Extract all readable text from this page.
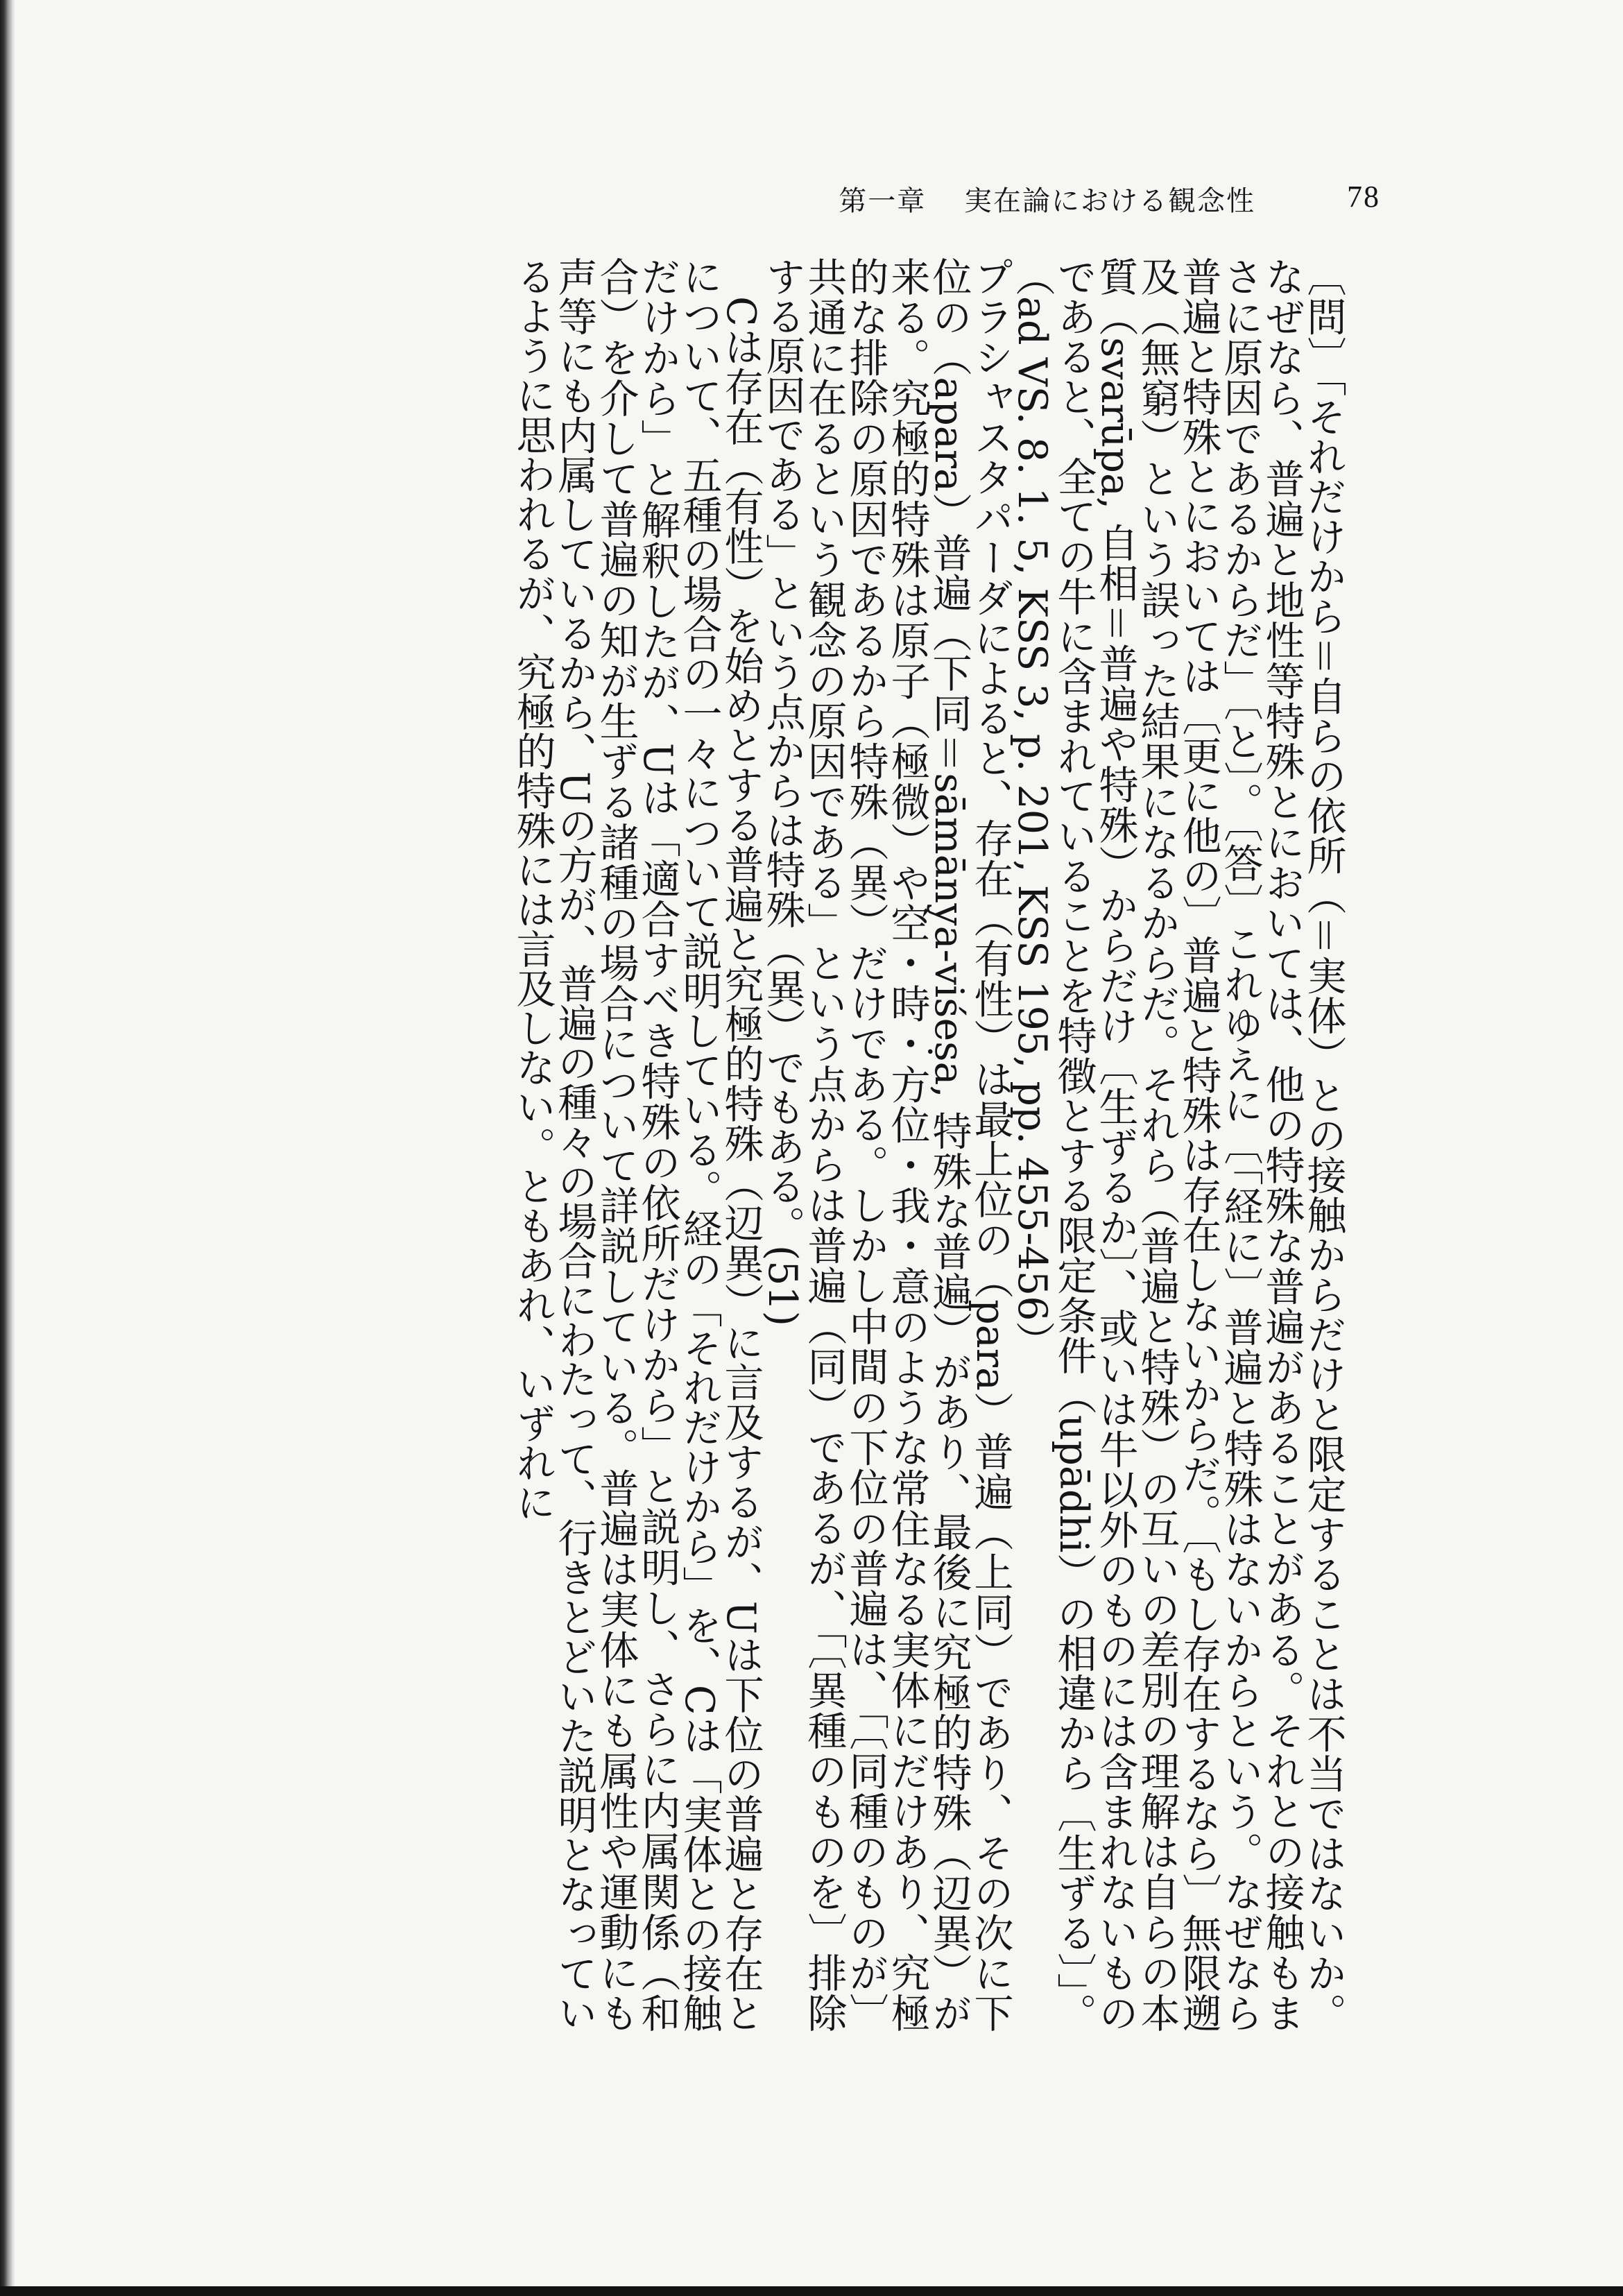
第一章 実在論における観念性	78

〔問〕「それだけから＝自らの依所（＝実体）との接触からだけと限定することは不当ではないか。なぜなら、普遍と地性等特殊とにおいては、他の特殊な普遍があることがある。それとの接触もまさに原因であるからだ」〔と〕。〔答〕これゆえに〔「経に〕普遍と特殊はないからという。なぜなら普遍と特殊とにおいては〔更に他の〕普遍と特殊は存在しないからだ。〔もし存在するなら〕無限遡及（無窮）という誤った結果になるからだ。それら（普遍と特殊）の互いの差別の理解は自らの本質（svarūpa, 自相＝普遍や特殊）からだけ〔生ずるか〕、或いは牛以外のものには含まれないものであると、全ての牛に含まれていることを特徴とする限定条件（upādhi）の相違から〔生ずる〕」。（ad VS. 8. 1. 5, KSS 3, p. 201, KSS 195, pp. 455-456）

プラシャスタパーダによると、存在（有性）は最上位の（para）普遍（上同）であり、その次に下位の（apara）普遍（下同＝sāmānya-viśeṣa, 特殊な普遍）があり、最後に究極的特殊（辺異）が来る。究極的特殊は原子（極微）や空・時・方位・我・意のような常住なる実体にだけあり、究極的な排除の原因であるから特殊（異）だけである。しかし中間の下位の普遍は、「〔同種のものが〕共通に在るという観念の原因である」という点からは普遍（同）であるが、「〔異種のものを〕排除する原因である」という点からは特殊（異）でもある。(51)

Cは存在（有性）を始めとする普遍と究極的特殊（辺異）に言及するが、Uは下位の普遍と存在とについて、五種の場合の一々について説明している。経の「それだけから」を、Cは「実体との接触だけから」と解釈したが、Uは「適合すべき特殊の依所だけから」と説明し、さらに内属関係（和合）を介して普遍の知が生ずる諸種の場合について詳説している。普遍は実体にも属性や運動にも声等にも内属しているから、Uの方が、普遍の種々の場合にわたって、行きとどいた説明となっているように思われるが、究極的特殊には言及しない。ともあれ、いずれに
